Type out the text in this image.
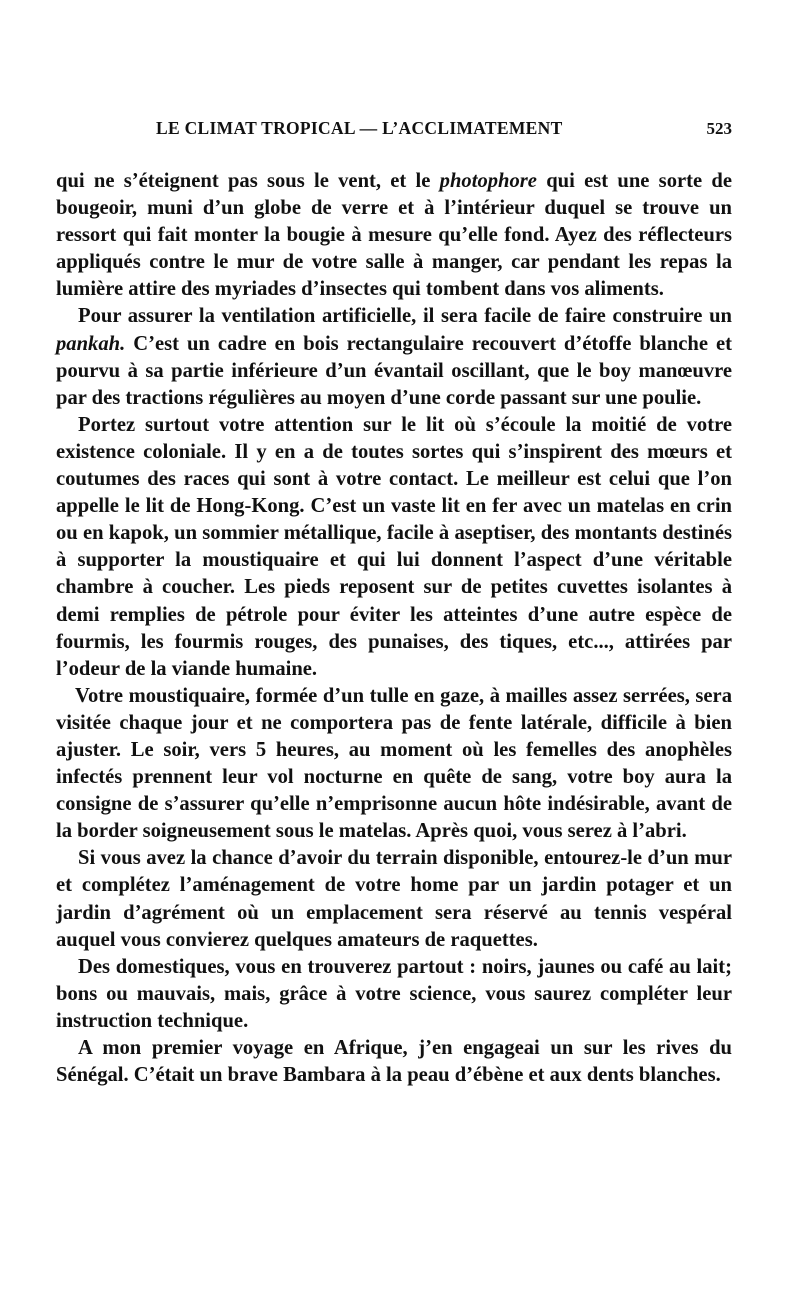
LE CLIMAT TROPICAL — L’ACCLIMATEMENT	523

qui ne s’éteignent pas sous le vent, et le photophore qui est une sorte de bougeoir, muni d’un globe de verre et à l’intérieur duquel se trouve un ressort qui fait monter la bougie à mesure qu’elle fond. Ayez des réflecteurs appliqués contre le mur de votre salle à manger, car pendant les repas la lumière attire des myriades d’insectes qui tombent dans vos aliments.

Pour assurer la ventilation artificielle, il sera facile de faire construire un pankah. C’est un cadre en bois rectangulaire recouvert d’étoffe blanche et pourvu à sa partie inférieure d’un évantail oscillant, que le boy manœuvre par des tractions régulières au moyen d’une corde passant sur une poulie.

Portez surtout votre attention sur le lit où s’écoule la moitié de votre existence coloniale. Il y en a de toutes sortes qui s’inspirent des mœurs et coutumes des races qui sont à votre contact. Le meilleur est celui que l’on appelle le lit de Hong-Kong. C’est un vaste lit en fer avec un matelas en crin ou en kapok, un sommier métallique, facile à aseptiser, des montants destinés à supporter la moustiquaire et qui lui donnent l’aspect d’une véritable chambre à coucher. Les pieds reposent sur de petites cuvettes isolantes à demi remplies de pétrole pour éviter les atteintes d’une autre espèce de fourmis, les fourmis rouges, des punaises, des tiques, etc..., attirées par l’odeur de la viande humaine.

Votre moustiquaire, formée d’un tulle en gaze, à mailles assez serrées, sera visitée chaque jour et ne comportera pas de fente latérale, difficile à bien ajuster. Le soir, vers 5 heures, au moment où les femelles des anophèles infectés prennent leur vol nocturne en quête de sang, votre boy aura la consigne de s’assurer qu’elle n’emprisonne aucun hôte indésirable, avant de la border soigneusement sous le matelas. Après quoi, vous serez à l’abri.

Si vous avez la chance d’avoir du terrain disponible, entourez-le d’un mur et complétez l’aménagement de votre home par un jardin potager et un jardin d’agrément où un emplacement sera réservé au tennis vespéral auquel vous convierez quelques amateurs de raquettes.

Des domestiques, vous en trouverez partout : noirs, jaunes ou café au lait; bons ou mauvais, mais, grâce à votre science, vous saurez compléter leur instruction technique.

A mon premier voyage en Afrique, j’en engageai un sur les rives du Sénégal. C’était un brave Bambara à la peau d’ébène et aux dents blanches.
